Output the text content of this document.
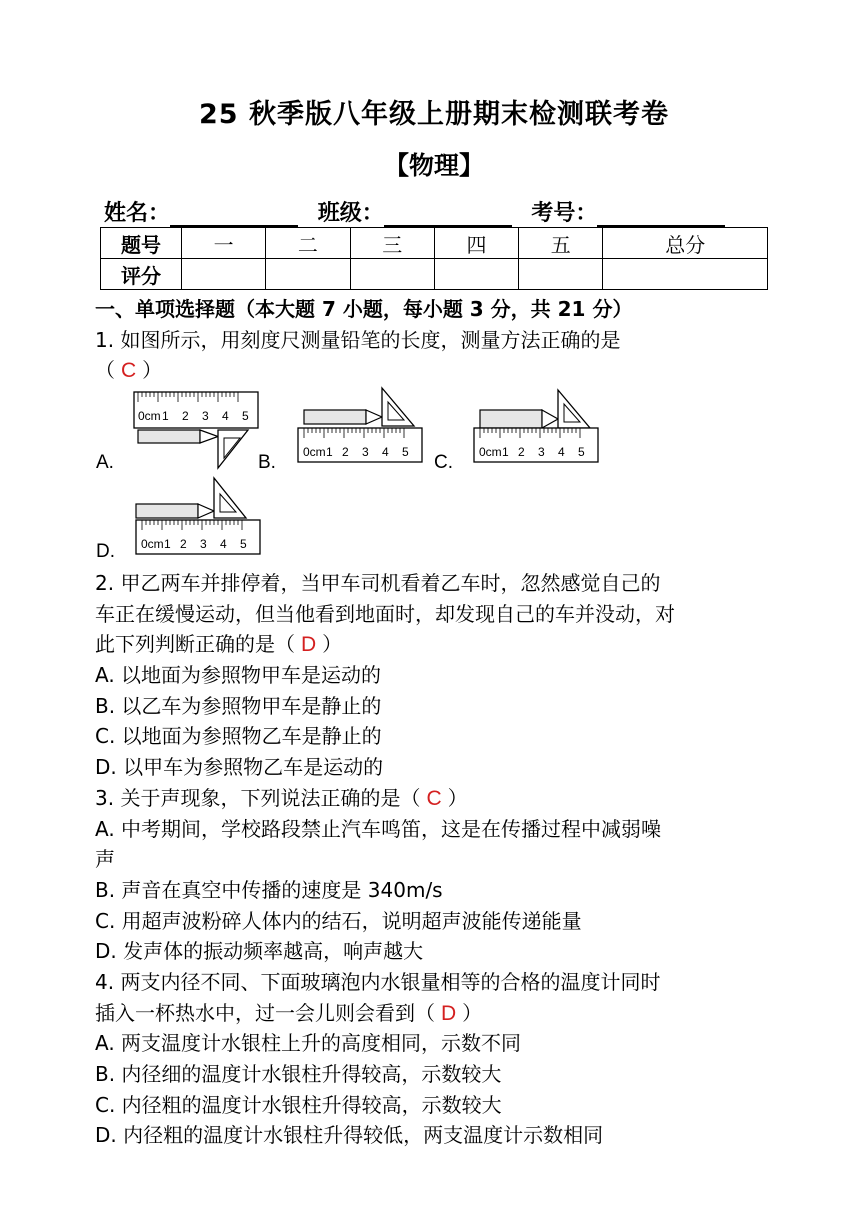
25 秋季版八年级上册期末检测联考卷
【物理】
姓名：	班级：	考号：
题号	一	二	三	四	五	总分
评分						
一、单项选择题（本大题 7 小题，每小题 3 分，共 21 分）
1. 如图所示，用刻度尺测量铅笔的长度，测量方法正确的是
（ C ）
A.	B.	C.
D.
0cm 1 2 3 4 5
0cm 2 3 4 5
1	0cm 1 2 3 4 5
0cm 1 2 3 4 5
2. 甲乙两车并排停着，当甲车司机看着乙车时，忽然感觉自己的
车正在缓慢运动，但当他看到地面时，却发现自己的车并没动，对
此下列判断正确的是（ D ）
A. 以地面为参照物甲车是运动的
B. 以乙车为参照物甲车是静止的
C. 以地面为参照物乙车是静止的
D. 以甲车为参照物乙车是运动的
3. 关于声现象，下列说法正确的是（ C ）
A. 中考期间，学校路段禁止汽车鸣笛，这是在传播过程中减弱噪
声
B. 声音在真空中传播的速度是 340m/s
C. 用超声波粉碎人体内的结石，说明超声波能传递能量
D. 发声体的振动频率越高，响声越大
4. 两支内径不同、下面玻璃泡内水银量相等的合格的温度计同时
插入一杯热水中，过一会儿则会看到（ D ）
A. 两支温度计水银柱上升的高度相同，示数不同
B. 内径细的温度计水银柱升得较高，示数较大
C. 内径粗的温度计水银柱升得较高，示数较大
D. 内径粗的温度计水银柱升得较低，两支温度计示数相同
